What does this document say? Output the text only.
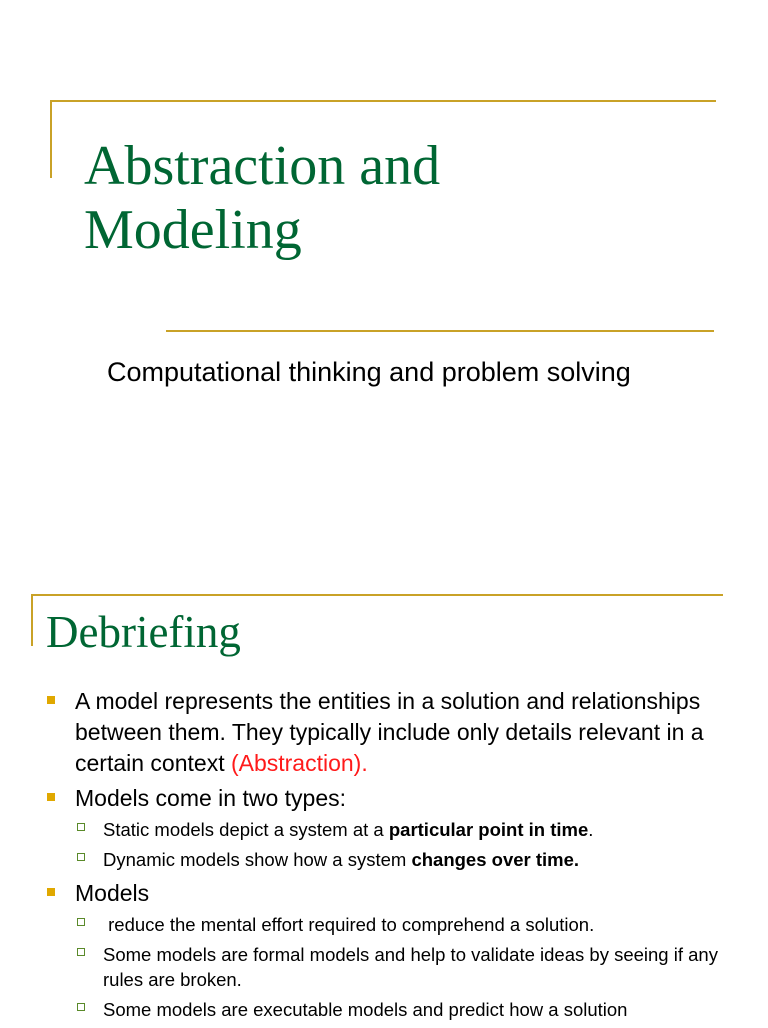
Abstraction and
Modeling

Computational thinking and problem solving

Debriefing
A model represents the entities in a solution and relationships between them. They typically include only details relevant in a certain context (Abstraction).
Models come in two types:
Static models depict a system at a particular point in time.
Dynamic models show how a system changes over time.
Models
reduce the mental effort required to comprehend a solution.
Some models are formal models and help to validate ideas by seeing if any rules are broken.
Some models are executable models and predict how a solution
